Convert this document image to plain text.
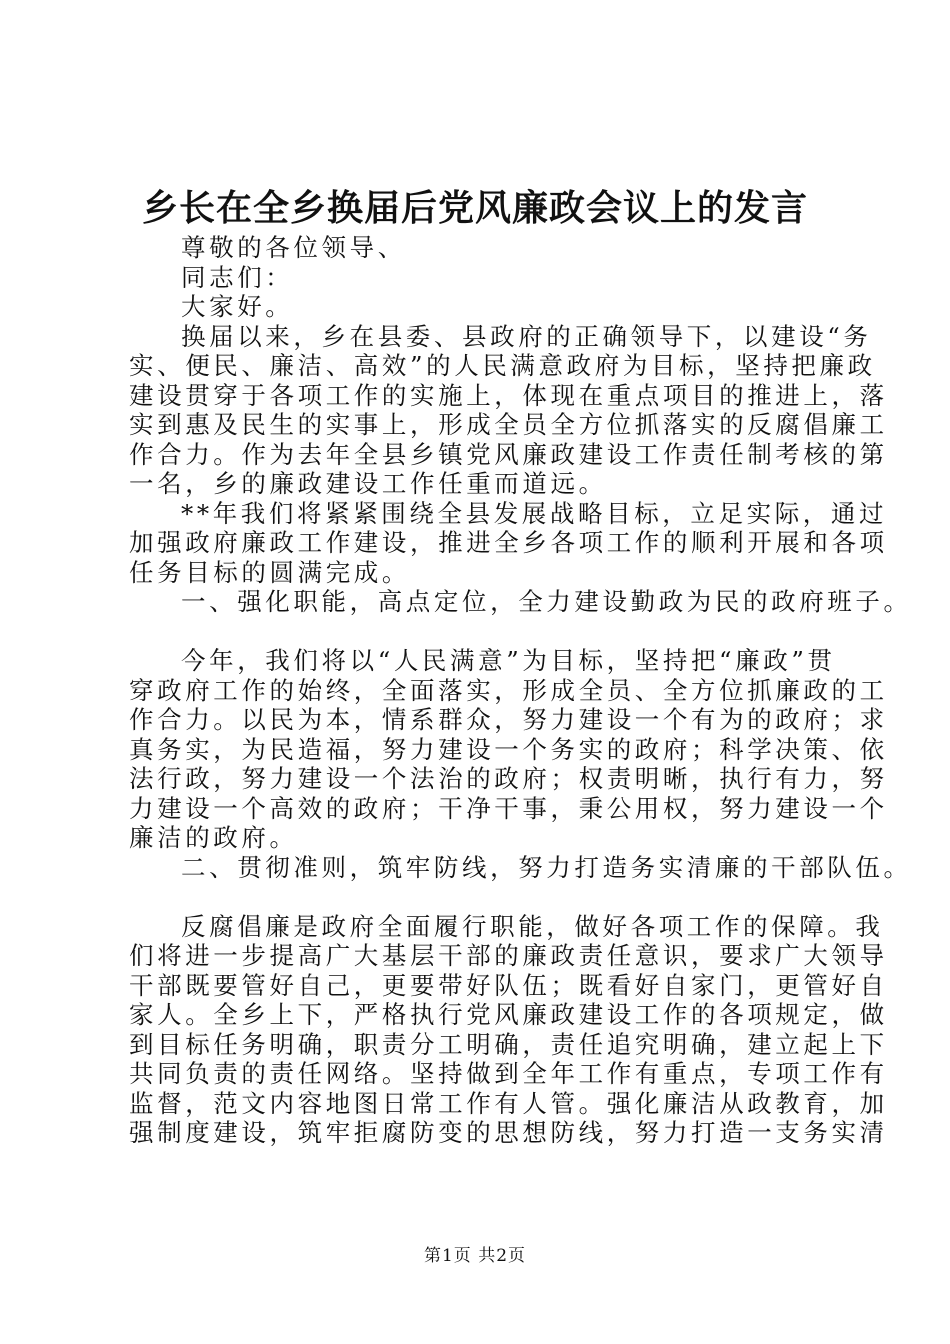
乡长在全乡换届后党风廉政会议上的发言
尊敬的各位领导、
同志们：
大家好。
换届以来，乡在县委、县政府的正确领导下，以建设“务
实、便民、廉洁、高效”的人民满意政府为目标，坚持把廉政
建设贯穿于各项工作的实施上，体现在重点项目的推进上，落
实到惠及民生的实事上，形成全员全方位抓落实的反腐倡廉工
作合力。作为去年全县乡镇党风廉政建设工作责任制考核的第
一名，乡的廉政建设工作任重而道远。
**年我们将紧紧围绕全县发展战略目标，立足实际，通过
加强政府廉政工作建设，推进全乡各项工作的顺利开展和各项
任务目标的圆满完成。
一、强化职能，高点定位，全力建设勤政为民的政府班子。
今年，我们将以“人民满意”为目标，坚持把“廉政”贯
穿政府工作的始终，全面落实，形成全员、全方位抓廉政的工
作合力。以民为本，情系群众，努力建设一个有为的政府；求
真务实，为民造福，努力建设一个务实的政府；科学决策、依
法行政，努力建设一个法治的政府；权责明晰，执行有力，努
力建设一个高效的政府；干净干事，秉公用权，努力建设一个
廉洁的政府。
二、贯彻准则，筑牢防线，努力打造务实清廉的干部队伍。
反腐倡廉是政府全面履行职能，做好各项工作的保障。我
们将进一步提高广大基层干部的廉政责任意识，要求广大领导
干部既要管好自己，更要带好队伍；既看好自家门，更管好自
家人。全乡上下，严格执行党风廉政建设工作的各项规定，做
到目标任务明确，职责分工明确，责任追究明确，建立起上下
共同负责的责任网络。坚持做到全年工作有重点，专项工作有
监督，范文内容地图日常工作有人管。强化廉洁从政教育，加
强制度建设，筑牢拒腐防变的思想防线，努力打造一支务实清
第1页 共2页
